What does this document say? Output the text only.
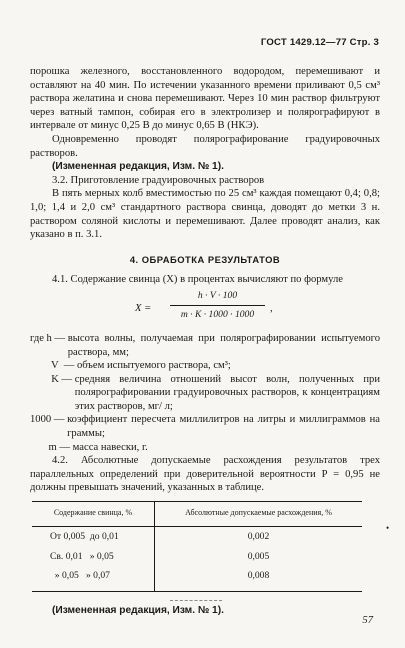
ГОСТ 1429.12—77 Стр. 3

порошка железного, восстановленного водородом, перемешивают и оставляют на 40 мин. По истечении указанного времени приливают 0,5 см³ раствора желатина и снова перемешивают. Через 10 мин раствор фильтруют через ватный тампон, собирая его в электролизер и полярографируют в интервале от минус 0,25 В до минус 0,65 В (НКЭ).

Одновременно проводят полярографирование градуировочных растворов.

(Измененная редакция, Изм. № 1).

3.2. Приготовление градуировочных растворов

В пять мерных колб вместимостью по 25 см³ каждая помещают 0,4; 0,8; 1,0; 1,4 и 2,0 см³ стандартного раствора свинца, доводят до метки 3 н. раствором соляной кислоты и перемешивают. Далее проводят анализ, как указано в п. 3.1.

4. ОБРАБОТКА РЕЗУЛЬТАТОВ

4.1. Содержание свинца (X) в процентах вычисляют по формуле

$X = \frac{h \cdot V \cdot 100}{m \cdot K \cdot 1000 \cdot 1000}$ ,
где h — высота волны, получаемая при полярографировании испытуемого раствора, мм;
V  — объем испытуемого раствора, см³;
K — средняя величина отношений высот волн, полученных при полярографировании градуировочных растворов, к концентрациям этих растворов, мг/ л;
1000 — коэффициент пересчета миллилитров на литры и миллиграммов на граммы;
m — масса навески, г.

4.2. Абсолютные допускаемые расхождения результатов трех параллельных определений при доверительной вероятности P = 0,95 не должны превышать значений, указанных в таблице.

Содержание свинца, %	Абсолютные допускаемые расхождения, %
От 0,005  до 0,01	0,002
Св. 0,01   » 0,05	0,005
» 0,05   » 0,07	0,008

(Измененная редакция, Изм. № 1).

•
57
